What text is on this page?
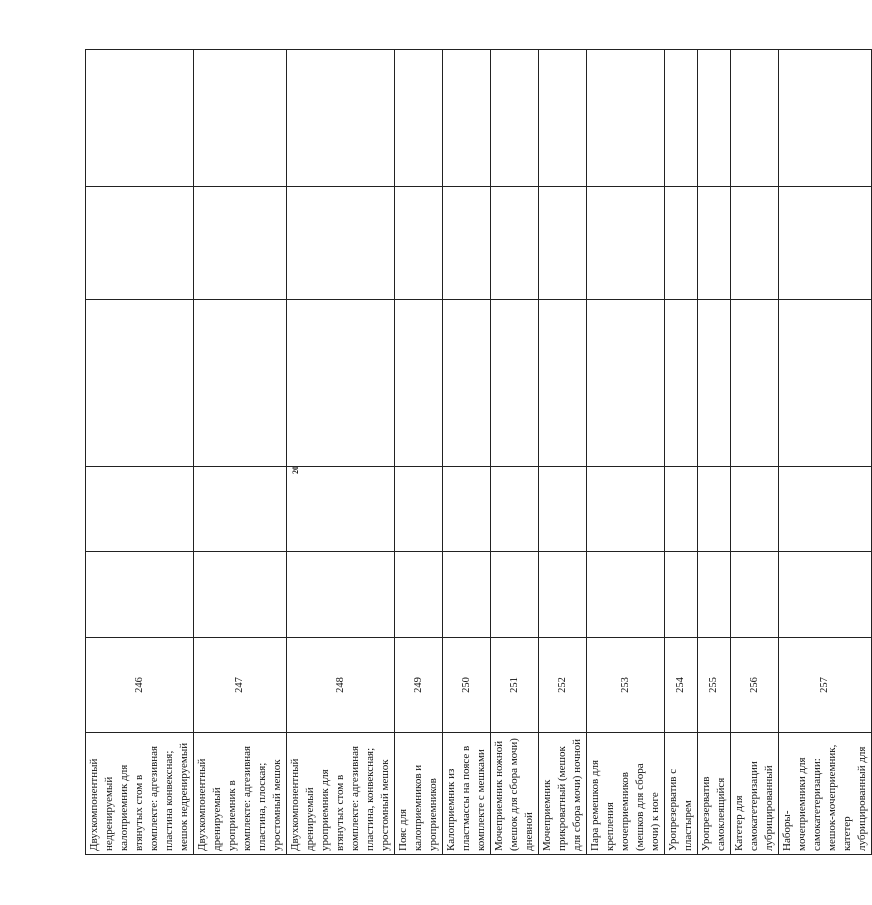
20
Двухкомпонентный недренируемый калоприемник для втянутых стом в комплекте: адгезивная пластина конвексная; мешок недренируемый	246					
Двухкомпонентный дренируемый уроприемник в комплекте: адгезивная пластина, плоская; уростомный мешок	247					
Двухкомпонентный дренируемый уроприемник для втянутых стом в комплекте: адгезивная пластина, конвексная; уростомный мешок	248					
Пояс для калоприемников и уроприемников	249					
Калоприемник из пластмассы на поясе в комплекте с мешками	250					
Мочеприемник ножной (мешок для сбора мочи) дневной	251					
Мочеприемник прикроватный (мешок для сбора мочи) ночной	252					
Пара ремешков для крепления мочеприемников (мешков для сбора мочи) к ноге	253					
Уропрезерватив с пластырем	254					
Уропрезерватив самоклеящийся	255					
Катетер для самокатетеризации лубрицированный	256					
Наборы-мочеприемники для самокатетеризации: мешок-мочеприемник, катетер лубрицированный для	257					
